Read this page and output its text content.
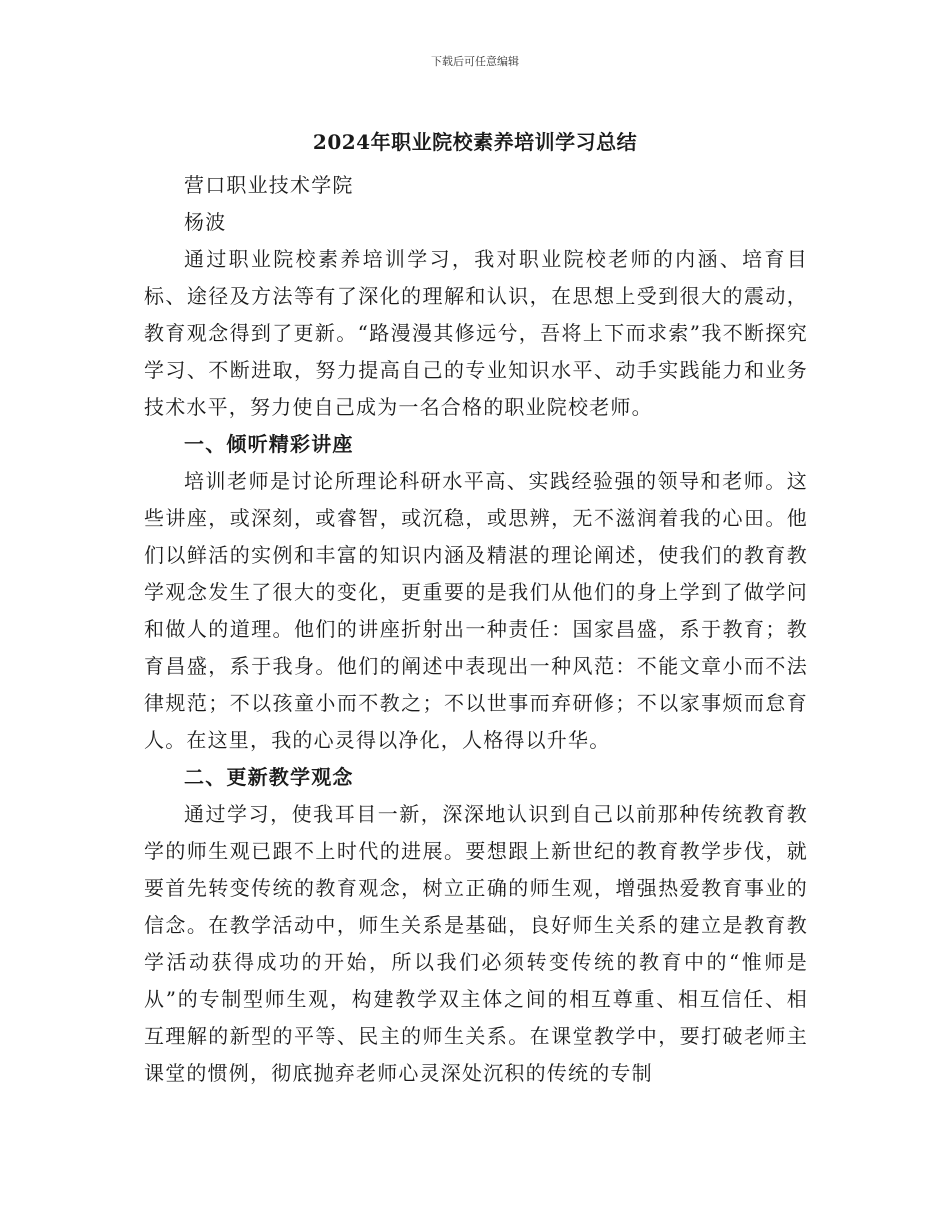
下载后可任意编辑
2024年职业院校素养培训学习总结
营口职业技术学院
杨波

通过职业院校素养培训学习，我对职业院校老师的内涵、培育目标、途径及方法等有了深化的理解和认识，在思想上受到很大的震动，教育观念得到了更新。“路漫漫其修远兮，吾将上下而求索”我不断探究学习、不断进取，努力提高自己的专业知识水平、动手实践能力和业务技术水平，努力使自己成为一名合格的职业院校老师。

一、倾听精彩讲座

培训老师是讨论所理论科研水平高、实践经验强的领导和老师。这些讲座，或深刻，或睿智，或沉稳，或思辨，无不滋润着我的心田。他们以鲜活的实例和丰富的知识内涵及精湛的理论阐述，使我们的教育教学观念发生了很大的变化，更重要的是我们从他们的身上学到了做学问和做人的道理。他们的讲座折射出一种责任：国家昌盛，系于教育；教育昌盛，系于我身。他们的阐述中表现出一种风范：不能文章小而不法律规范；不以孩童小而不教之；不以世事而弃研修；不以家事烦而怠育人。在这里，我的心灵得以净化，人格得以升华。

二、更新教学观念

通过学习，使我耳目一新，深深地认识到自己以前那种传统教育教学的师生观已跟不上时代的进展。要想跟上新世纪的教育教学步伐，就要首先转变传统的教育观念，树立正确的师生观，增强热爱教育事业的信念。在教学活动中，师生关系是基础，良好师生关系的建立是教育教学活动获得成功的开始，所以我们必须转变传统的教育中的“惟师是从”的专制型师生观，构建教学双主体之间的相互尊重、相互信任、相互理解的新型的平等、民主的师生关系。在课堂教学中，要打破老师主课堂的惯例，彻底抛弃老师心灵深处沉积的传统的专制
